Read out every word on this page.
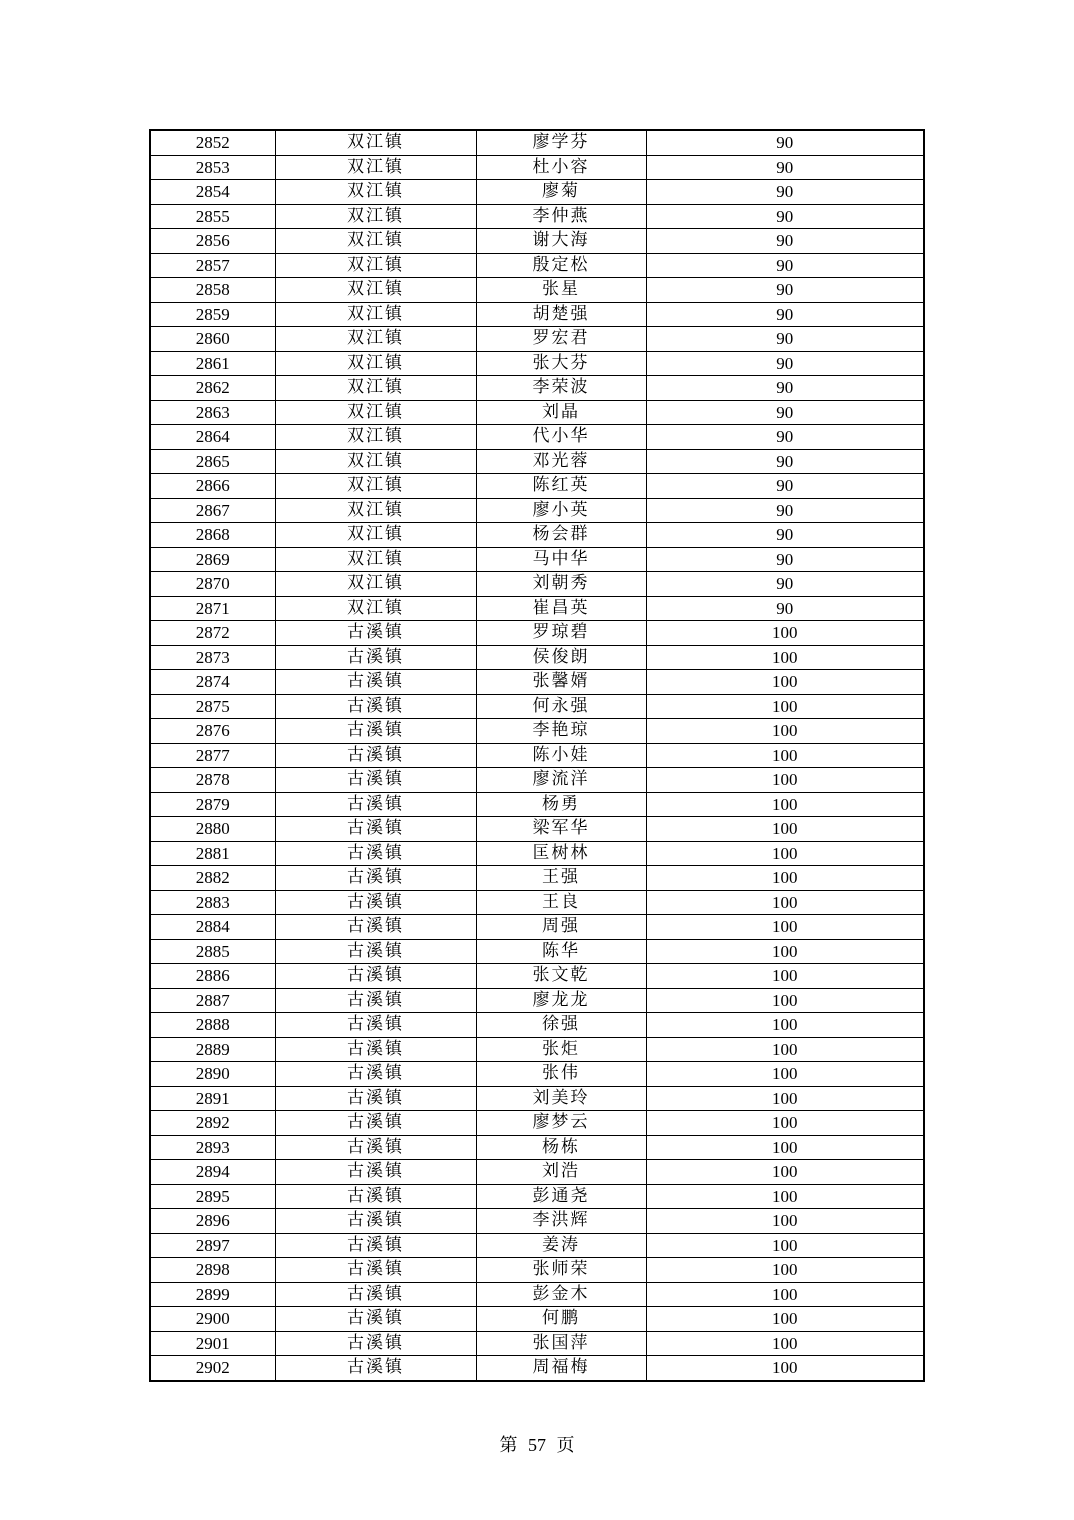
2852	双江镇	廖学芬	90
2853	双江镇	杜小容	90
2854	双江镇	廖菊	90
2855	双江镇	李仲燕	90
2856	双江镇	谢大海	90
2857	双江镇	殷定松	90
2858	双江镇	张星	90
2859	双江镇	胡楚强	90
2860	双江镇	罗宏君	90
2861	双江镇	张大芬	90
2862	双江镇	李荣波	90
2863	双江镇	刘晶	90
2864	双江镇	代小华	90
2865	双江镇	邓光蓉	90
2866	双江镇	陈红英	90
2867	双江镇	廖小英	90
2868	双江镇	杨会群	90
2869	双江镇	马中华	90
2870	双江镇	刘朝秀	90
2871	双江镇	崔昌英	90
2872	古溪镇	罗琼碧	100
2873	古溪镇	侯俊朗	100
2874	古溪镇	张馨婿	100
2875	古溪镇	何永强	100
2876	古溪镇	李艳琼	100
2877	古溪镇	陈小娃	100
2878	古溪镇	廖流洋	100
2879	古溪镇	杨勇	100
2880	古溪镇	梁军华	100
2881	古溪镇	匡树林	100
2882	古溪镇	王强	100
2883	古溪镇	王良	100
2884	古溪镇	周强	100
2885	古溪镇	陈华	100
2886	古溪镇	张文乾	100
2887	古溪镇	廖龙龙	100
2888	古溪镇	徐强	100
2889	古溪镇	张炬	100
2890	古溪镇	张伟	100
2891	古溪镇	刘美玲	100
2892	古溪镇	廖梦云	100
2893	古溪镇	杨栋	100
2894	古溪镇	刘浩	100
2895	古溪镇	彭通尧	100
2896	古溪镇	李洪辉	100
2897	古溪镇	姜涛	100
2898	古溪镇	张师荣	100
2899	古溪镇	彭金木	100
2900	古溪镇	何鹏	100
2901	古溪镇	张国萍	100
2902	古溪镇	周福梅	100
第 57 页
